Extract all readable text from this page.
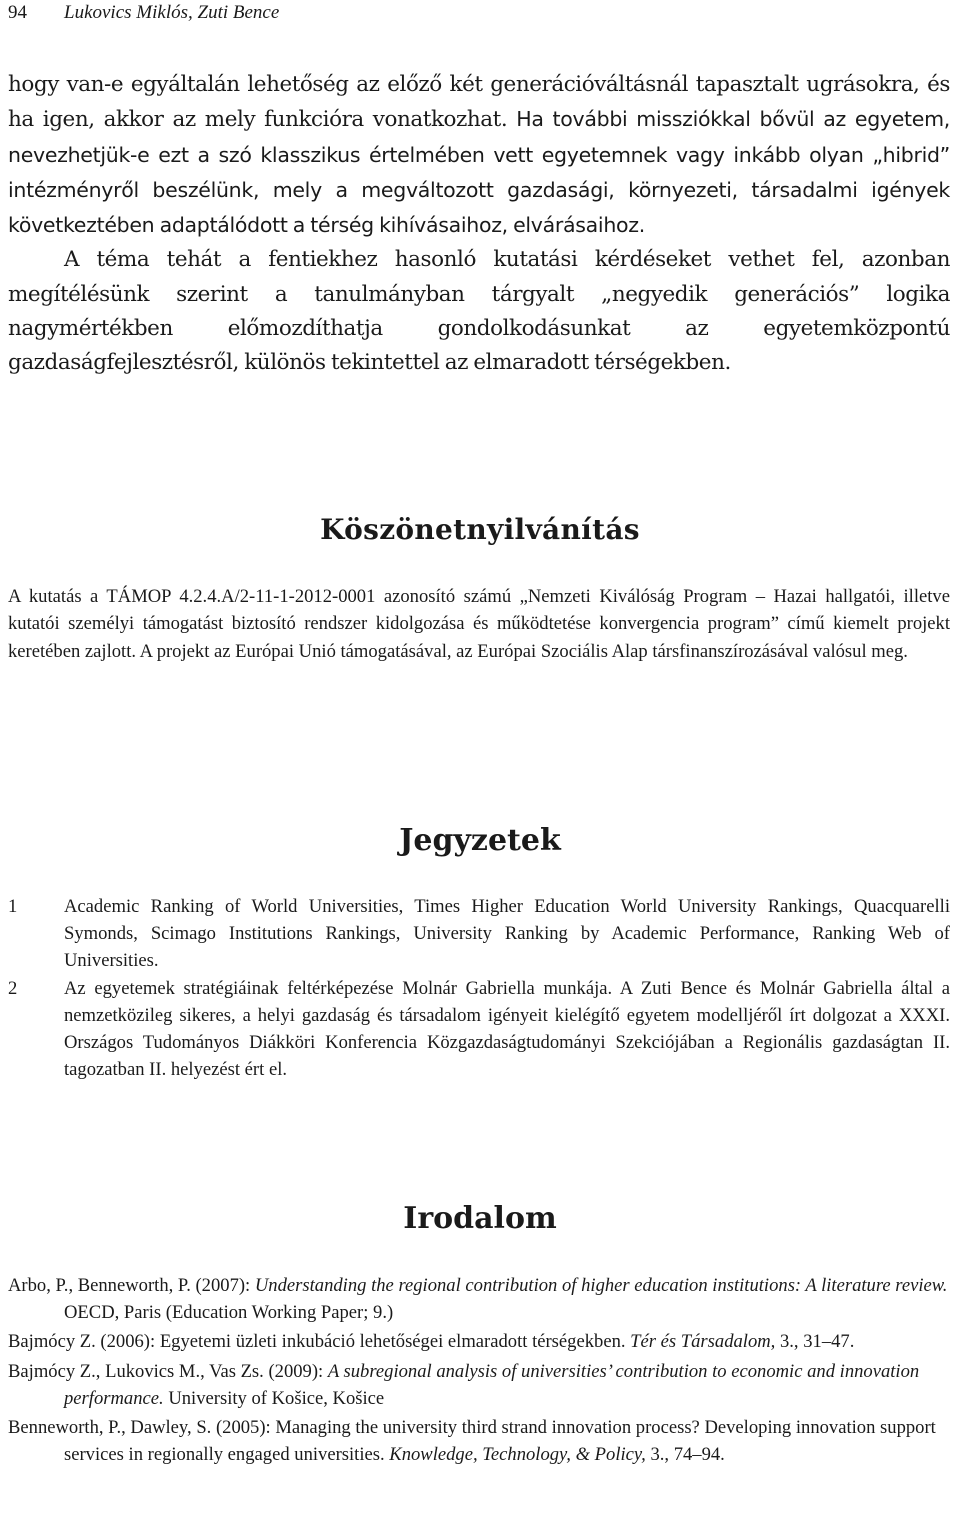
94 Lukovics Miklós, Zuti Bence

hogy van-e egyáltalán lehetőség az előző két generációváltásnál tapasztalt ugrásokra, és ha igen, akkor az mely funkcióra vonatkozhat. Ha további missziókkal bővül az egyetem, nevezhetjük-e ezt a szó klasszikus értelmében vett egyetemnek vagy inkább olyan „hibrid” intézményről beszélünk, mely a megváltozott gazdasági, környezeti, társadalmi igények következtében adaptálódott a térség kihívásaihoz, elvárásaihoz.

A téma tehát a fentiekhez hasonló kutatási kérdéseket vethet fel, azonban megítélésünk szerint a tanulmányban tárgyalt „negyedik generációs” logika nagymértékben előmozdíthatja gondolkodásunkat az egyetemközpontú gazdaságfejlesztésről, különös tekintettel az elmaradott térségekben.

Köszönetnyilvánítás

A kutatás a TÁMOP 4.2.4.A/2-11-1-2012-0001 azonosító számú „Nemzeti Kiválóság Program – Hazai hallgatói, illetve kutatói személyi támogatást biztosító rendszer kidolgozása és működtetése konvergencia program” című kiemelt projekt keretében zajlott. A projekt az Európai Unió támogatásával, az Európai Szociális Alap társfinanszírozásával valósul meg.

Jegyzetek
1	Academic Ranking of World Universities, Times Higher Education World University Rankings, Quacquarelli Symonds, Scimago Institutions Rankings, University Ranking by Academic Performance, Ranking Web of Universities.
2	Az egyetemek stratégiáinak feltérképezése Molnár Gabriella munkája. A Zuti Bence és Molnár Gabriella által a nemzetközileg sikeres, a helyi gazdaság és társadalom igényeit kielégítő egyetem modelljéről írt dolgozat a XXXI. Országos Tudományos Diákköri Konferencia Közgazdaságtudományi Szekciójában a Regionális gazdaságtan II. tagozatban II. helyezést ért el.
Irodalom
Arbo, P., Benneworth, P. (2007): Understanding the regional contribution of higher education institutions: A literature review. OECD, Paris (Education Working Paper; 9.)
Bajmócy Z. (2006): Egyetemi üzleti inkubáció lehetőségei elmaradott térségekben. Tér és Társadalom, 3., 31–47.
Bajmócy Z., Lukovics M., Vas Zs. (2009): A subregional analysis of universities’ contribution to economic and innovation performance. University of Košice, Košice
Benneworth, P., Dawley, S. (2005): Managing the university third strand innovation process? Developing innovation support services in regionally engaged universities. Knowledge, Technology, & Policy, 3., 74–94.
